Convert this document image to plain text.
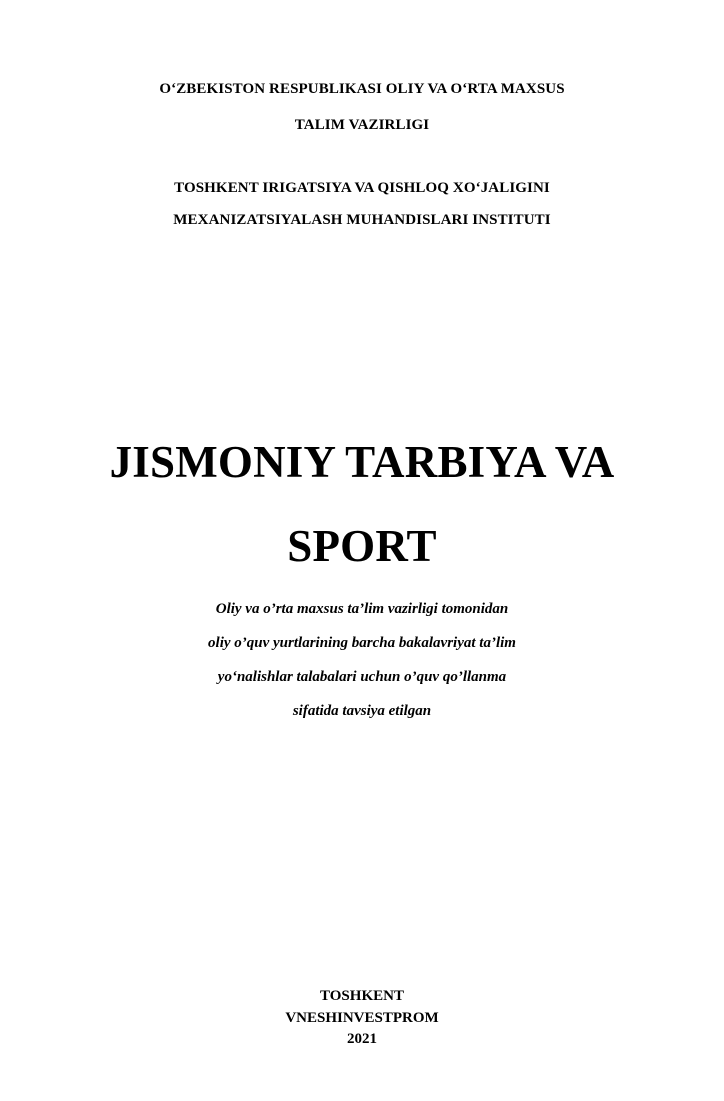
O‘ZBEKISTON RESPUBLIKASI OLIY VA O‘RTA MAXSUS
TALIM VAZIRLIGI
TOSHKENT IRIGATSIYA VA QISHLOQ XO‘JALIGINI
MEXANIZATSIYALASH MUHANDISLARI INSTITUTI
JISMONIY TARBIYA VA
SPORT
Oliy va o’rta maxsus ta’lim vazirligi tomonidan
oliy o’quv yurtlarining barcha bakalavriyat ta’lim
yo‘nalishlar talabalari uchun o’quv qo’llanma
sifatida tavsiya etilgan
TOSHKENT
VNESHINVESTPROM
2021
